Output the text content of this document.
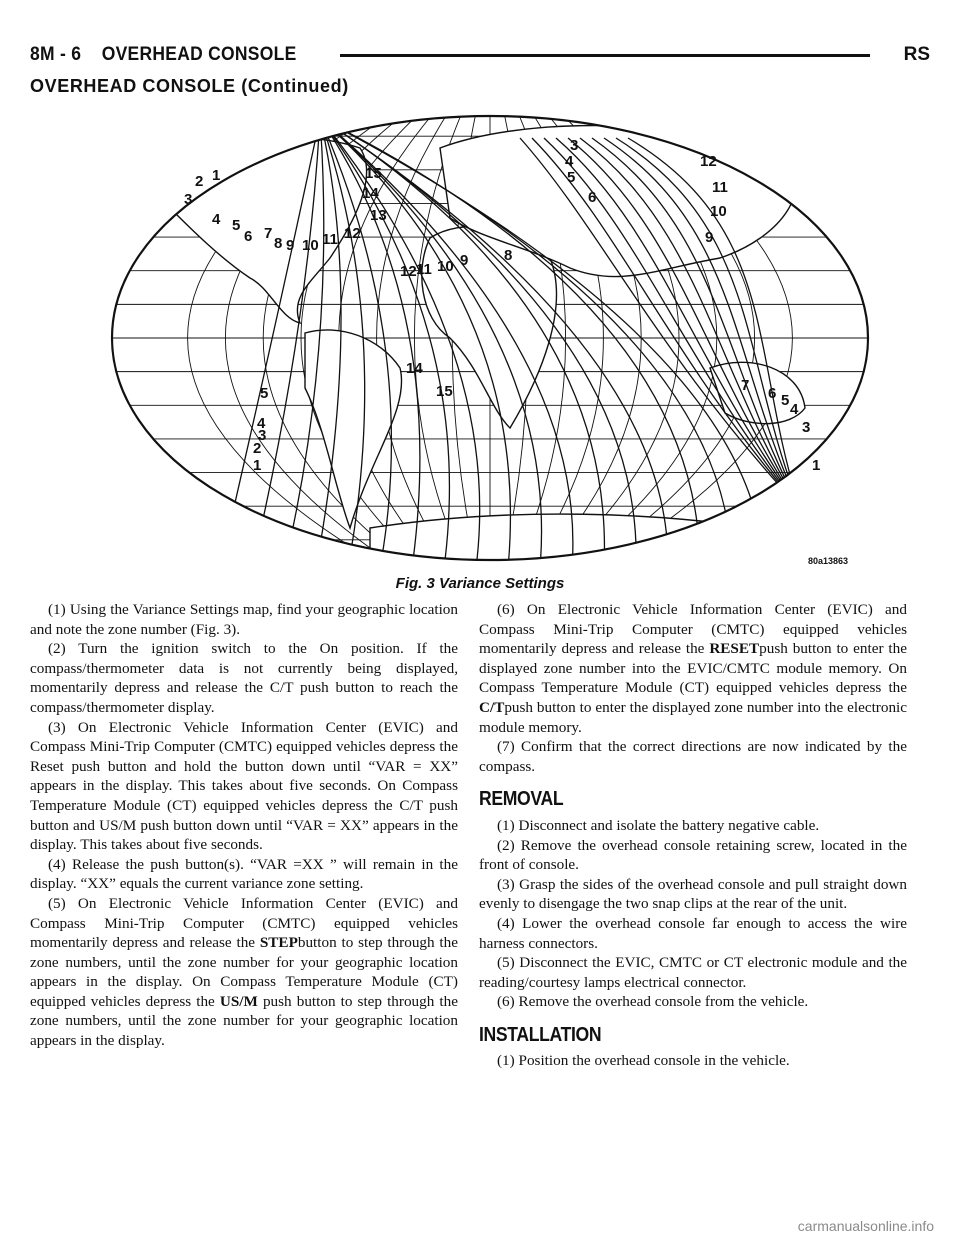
8M - 6    OVERHEAD CONSOLE	RS
OVERHEAD CONSOLE (Continued)
2 1
3
4 5
6 7
8 9 10 11 12
13
14
15
12 11 10 9 8
6
5
4
3
12
11
10
9
14
15
5
4
3
2
1
7 6 5
4
3
1
80a13863
Fig. 3 Variance Settings

(1) Using the Variance Settings map, find your geographic location and note the zone number (Fig. 3).

(2) Turn the ignition switch to the On position. If the compass/thermometer data is not currently being displayed, momentarily depress and release the C/T push button to reach the compass/thermometer display.

(3) On Electronic Vehicle Information Center (EVIC) and Compass Mini-Trip Computer (CMTC) equipped vehicles depress the Reset push button and hold the button down until “VAR = XX” appears in the display. This takes about five seconds. On Compass Temperature Module (CT) equipped vehicles depress the C/T push button and US/M push button down until “VAR = XX” appears in the display. This takes about five seconds.

(4) Release the push button(s). “VAR =XX ” will remain in the display. “XX” equals the current variance zone setting.

(5) On Electronic Vehicle Information Center (EVIC) and Compass Mini-Trip Computer (CMTC) equipped vehicles momentarily depress and release the STEPbutton to step through the zone numbers, until the zone number for your geographic location appears in the display. On Compass Temperature Module (CT) equipped vehicles depress the US/M push button to step through the zone numbers, until the zone number for your geographic location appears in the display.

(6) On Electronic Vehicle Information Center (EVIC) and Compass Mini-Trip Computer (CMTC) equipped vehicles momentarily depress and release the RESETpush button to enter the displayed zone number into the EVIC/CMTC module memory. On Compass Temperature Module (CT) equipped vehicles depress the C/Tpush button to enter the displayed zone number into the electronic module memory.

(7) Confirm that the correct directions are now indicated by the compass.

REMOVAL

(1) Disconnect and isolate the battery negative cable.

(2) Remove the overhead console retaining screw, located in the front of console.

(3) Grasp the sides of the overhead console and pull straight down evenly to disengage the two snap clips at the rear of the unit.

(4) Lower the overhead console far enough to access the wire harness connectors.

(5) Disconnect the EVIC, CMTC or CT electronic module and the reading/courtesy lamps electrical connector.

(6) Remove the overhead console from the vehicle.

INSTALLATION

(1) Position the overhead console in the vehicle.

carmanualsonline.info
